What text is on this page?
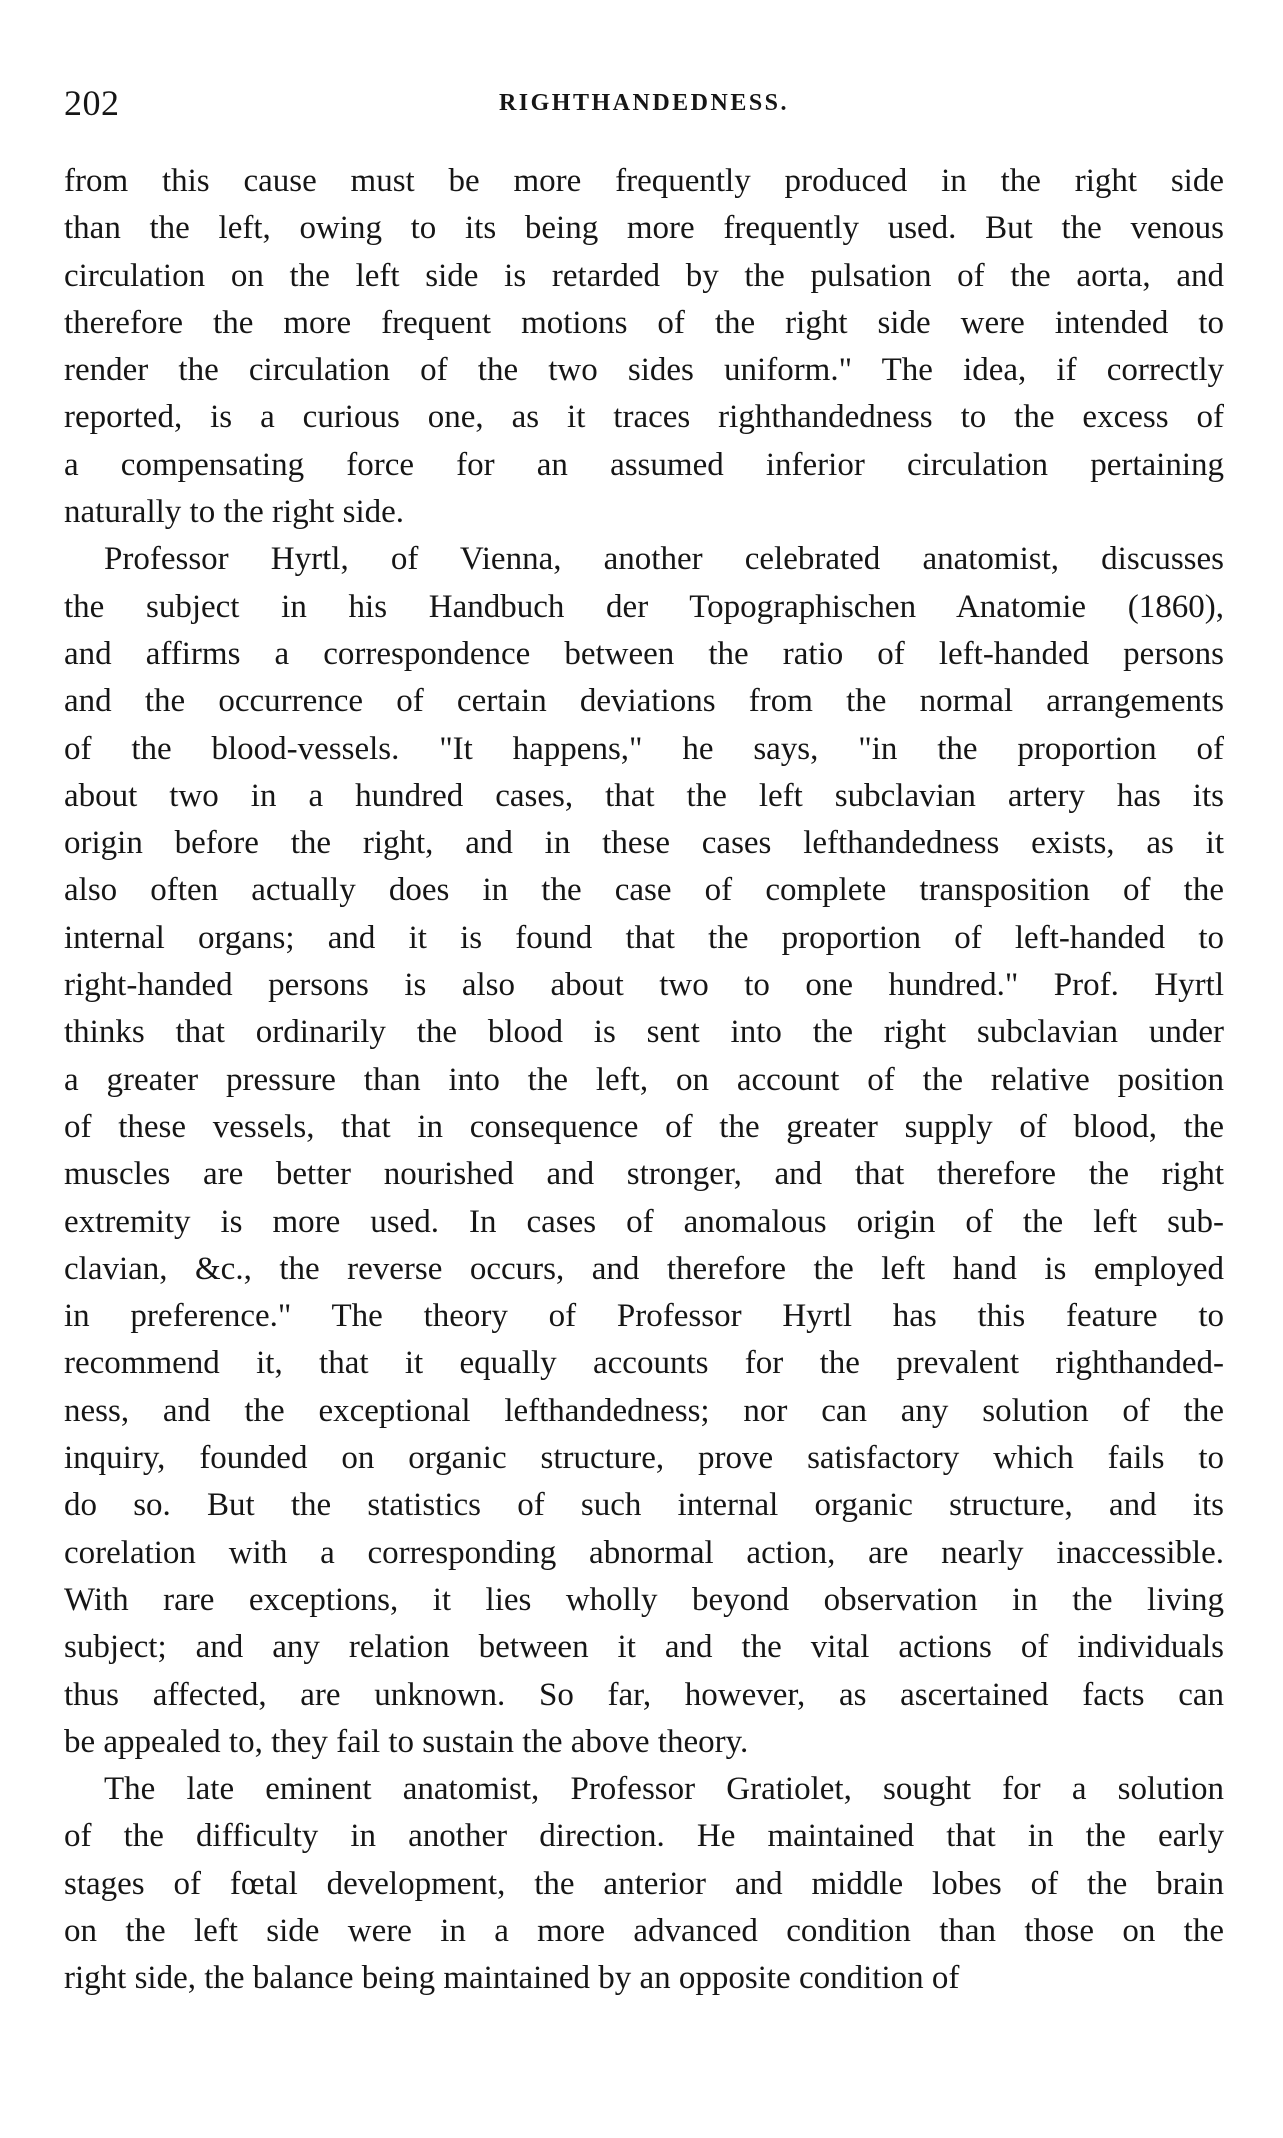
202	RIGHTHANDEDNESS.
from this cause must be more frequently produced in the right side
than the left, owing to its being more frequently used. But the venous
circulation on the left side is retarded by the pulsation of the aorta, and
therefore the more frequent motions of the right side were intended to
render the circulation of the two sides uniform." The idea, if correctly
reported, is a curious one, as it traces righthandedness to the excess of
a compensating force for an assumed inferior circulation pertaining
naturally to the right side.
Professor Hyrtl, of Vienna, another celebrated anatomist, discusses
the subject in his Handbuch der Topographischen Anatomie (1860),
and affirms a correspondence between the ratio of left-handed persons
and the occurrence of certain deviations from the normal arrangements
of the blood-vessels. "It happens," he says, "in the proportion of
about two in a hundred cases, that the left subclavian artery has its
origin before the right, and in these cases lefthandedness exists, as it
also often actually does in the case of complete transposition of the
internal organs; and it is found that the proportion of left-handed to
right-handed persons is also about two to one hundred." Prof. Hyrtl
thinks that ordinarily the blood is sent into the right subclavian under
a greater pressure than into the left, on account of the relative position
of these vessels, that in consequence of the greater supply of blood, the
muscles are better nourished and stronger, and that therefore the right
extremity is more used. In cases of anomalous origin of the left sub-
clavian, &c., the reverse occurs, and therefore the left hand is employed
in preference." The theory of Professor Hyrtl has this feature to
recommend it, that it equally accounts for the prevalent righthanded-
ness, and the exceptional lefthandedness; nor can any solution of the
inquiry, founded on organic structure, prove satisfactory which fails to
do so. But the statistics of such internal organic structure, and its
corelation with a corresponding abnormal action, are nearly inaccessible.
With rare exceptions, it lies wholly beyond observation in the living
subject; and any relation between it and the vital actions of individuals
thus affected, are unknown. So far, however, as ascertained facts can
be appealed to, they fail to sustain the above theory.
The late eminent anatomist, Professor Gratiolet, sought for a solution
of the difficulty in another direction. He maintained that in the early
stages of fœtal development, the anterior and middle lobes of the brain
on the left side were in a more advanced condition than those on the
right side, the balance being maintained by an opposite condition of
